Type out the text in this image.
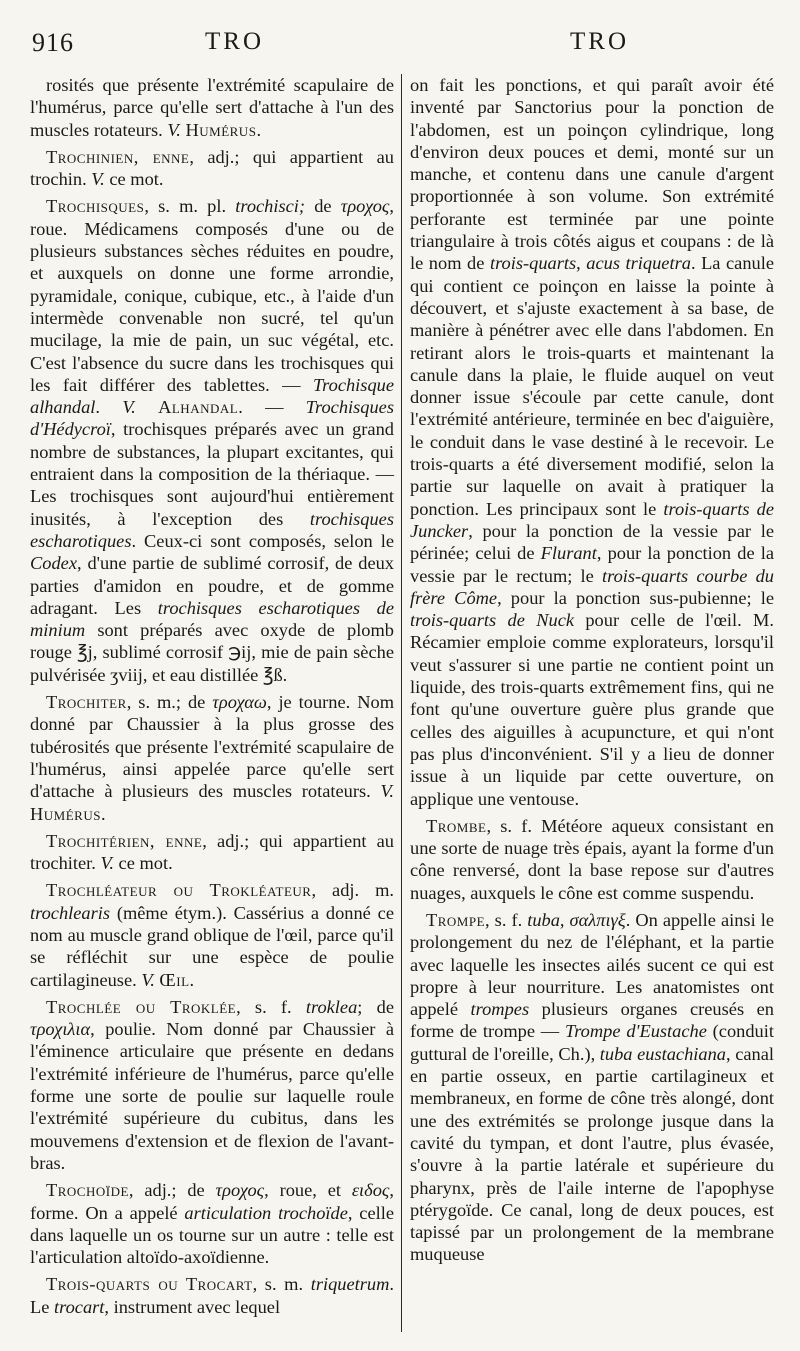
916	TRO	TRO

rosités que présente l'extrémité scapulaire de l'humérus, parce qu'elle sert d'attache à l'un des muscles rotateurs. V. Humérus.

Trochinien, enne, adj.; qui appartient au trochin. V. ce mot.

Trochisques, s. m. pl. trochisci; de τροχος, roue. Médicamens composés d'une ou de plusieurs substances sèches réduites en poudre, et auxquels on donne une forme arrondie, pyramidale, conique, cubique, etc., à l'aide d'un intermède convenable non sucré, tel qu'un mucilage, la mie de pain, un suc végétal, etc. C'est l'absence du sucre dans les trochisques qui les fait différer des tablettes. — Trochisque alhandal. V. Alhandal. — Trochisques d'Hédycroï, trochisques préparés avec un grand nombre de substances, la plupart excitantes, qui entraient dans la composition de la thériaque. — Les trochisques sont aujourd'hui entièrement inusités, à l'exception des trochisques escharotiques. Ceux-ci sont composés, selon le Codex, d'une partie de sublimé corrosif, de deux parties d'amidon en poudre, et de gomme adragant. Les trochisques escharotiques de minium sont préparés avec oxyde de plomb rouge ℥j, sublimé corrosif ℈ij, mie de pain sèche pulvérisée ʒviij, et eau distillée ℥ß.

Trochiter, s. m.; de τροχαω, je tourne. Nom donné par Chaussier à la plus grosse des tubérosités que présente l'extrémité scapulaire de l'humérus, ainsi appelée parce qu'elle sert d'attache à plusieurs des muscles rotateurs. V. Humérus.

Trochitérien, enne, adj.; qui appartient au trochiter. V. ce mot.

Trochléateur ou Trokléateur, adj. m. trochlearis (même étym.). Cassérius a donné ce nom au muscle grand oblique de l'œil, parce qu'il se réfléchit sur une espèce de poulie cartilagineuse. V. Œil.

Trochlée ou Troklée, s. f. troklea; de τροχιλια, poulie. Nom donné par Chaussier à l'éminence articulaire que présente en dedans l'extrémité inférieure de l'humérus, parce qu'elle forme une sorte de poulie sur laquelle roule l'extrémité supérieure du cubitus, dans les mouvemens d'extension et de flexion de l'avant-bras.

Trochoïde, adj.; de τροχος, roue, et ειδος, forme. On a appelé articulation trochoïde, celle dans laquelle un os tourne sur un autre : telle est l'articulation altoïdo-axoïdienne.

Trois-quarts ou Trocart, s. m. triquetrum. Le trocart, instrument avec lequel

on fait les ponctions, et qui paraît avoir été inventé par Sanctorius pour la ponction de l'abdomen, est un poinçon cylindrique, long d'environ deux pouces et demi, monté sur un manche, et contenu dans une canule d'argent proportionnée à son volume. Son extrémité perforante est terminée par une pointe triangulaire à trois côtés aigus et coupans : de là le nom de trois-quarts, acus triquetra. La canule qui contient ce poinçon en laisse la pointe à découvert, et s'ajuste exactement à sa base, de manière à pénétrer avec elle dans l'abdomen. En retirant alors le trois-quarts et maintenant la canule dans la plaie, le fluide auquel on veut donner issue s'écoule par cette canule, dont l'extrémité antérieure, terminée en bec d'aiguière, le conduit dans le vase destiné à le recevoir. Le trois-quarts a été diversement modifié, selon la partie sur laquelle on avait à pratiquer la ponction. Les principaux sont le trois-quarts de Juncker, pour la ponction de la vessie par le périnée; celui de Flurant, pour la ponction de la vessie par le rectum; le trois-quarts courbe du frère Côme, pour la ponction sus-pubienne; le trois-quarts de Nuck pour celle de l'œil. M. Récamier emploie comme explorateurs, lorsqu'il veut s'assurer si une partie ne contient point un liquide, des trois-quarts extrêmement fins, qui ne font qu'une ouverture guère plus grande que celles des aiguilles à acupuncture, et qui n'ont pas plus d'inconvénient. S'il y a lieu de donner issue à un liquide par cette ouverture, on applique une ventouse.

Trombe, s. f. Météore aqueux consistant en une sorte de nuage très épais, ayant la forme d'un cône renversé, dont la base repose sur d'autres nuages, auxquels le cône est comme suspendu.

Trompe, s. f. tuba, σαλπιγξ. On appelle ainsi le prolongement du nez de l'éléphant, et la partie avec laquelle les insectes ailés sucent ce qui est propre à leur nourriture. Les anatomistes ont appelé trompes plusieurs organes creusés en forme de trompe — Trompe d'Eustache (conduit guttural de l'oreille, Ch.), tuba eustachiana, canal en partie osseux, en partie cartilagineux et membraneux, en forme de cône très alongé, dont une des extrémités se prolonge jusque dans la cavité du tympan, et dont l'autre, plus évasée, s'ouvre à la partie latérale et supérieure du pharynx, près de l'aile interne de l'apophyse ptérygoïde. Ce canal, long de deux pouces, est tapissé par un prolongement de la membrane muqueuse
